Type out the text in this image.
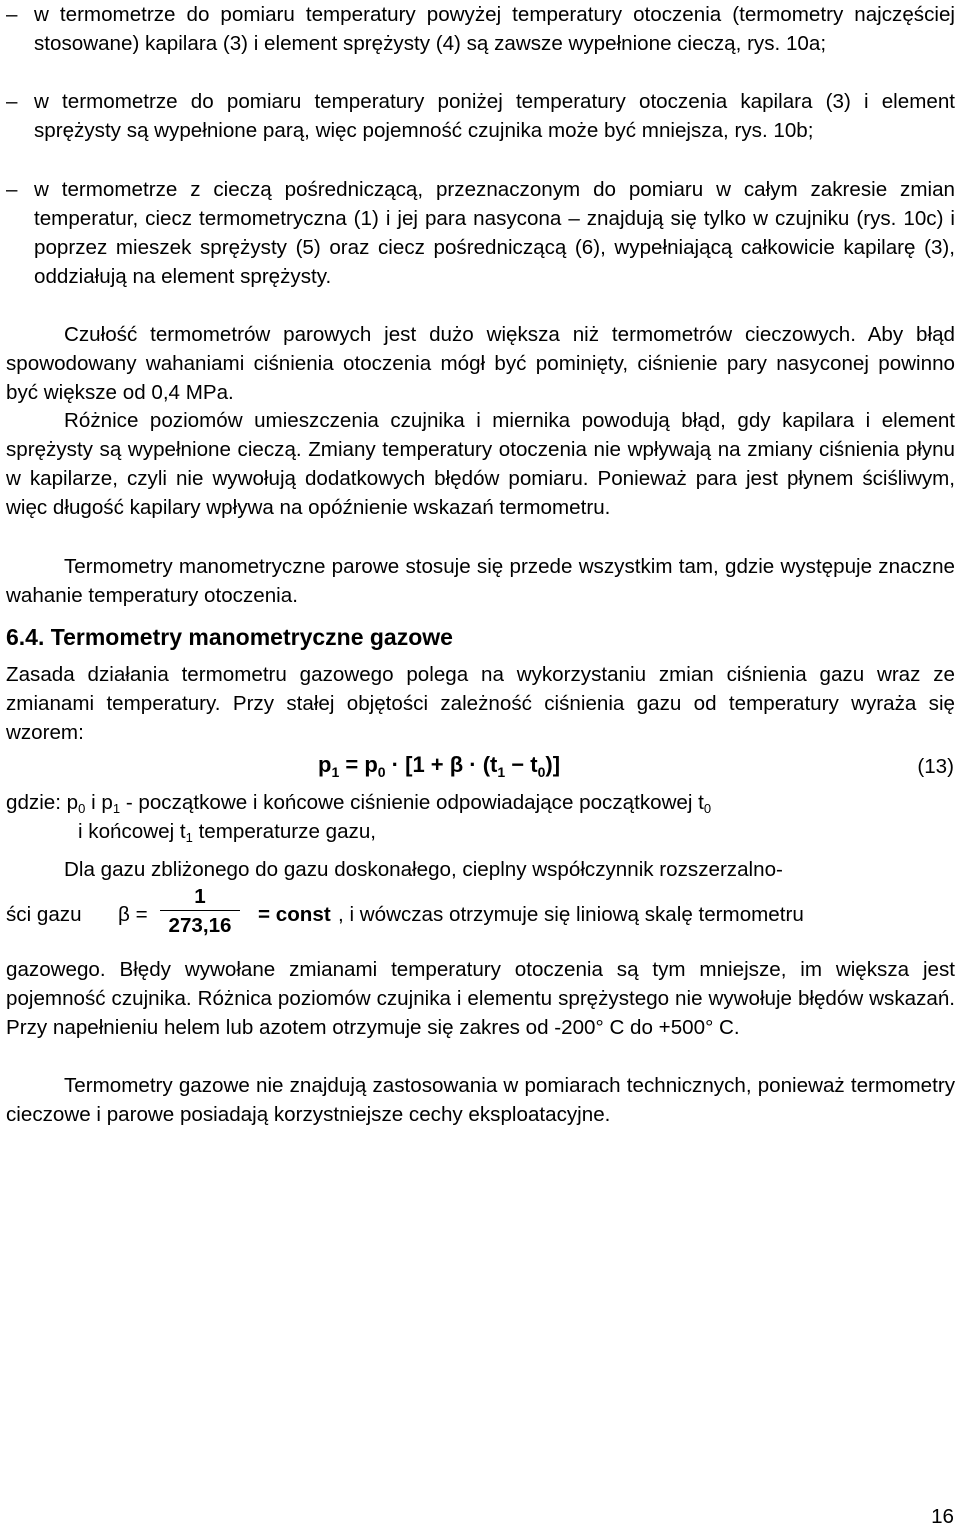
– w termometrze do pomiaru temperatury powyżej temperatury otoczenia (termometry najczęściej stosowane) kapilara (3) i element sprężysty (4) są zawsze wypełnione cieczą, rys. 10a;

– w termometrze do pomiaru temperatury poniżej temperatury otoczenia kapilara (3) i element sprężysty są wypełnione parą, więc pojemność czujnika może być mniejsza, rys. 10b;

– w termometrze z cieczą pośredniczącą, przeznaczonym do pomiaru w całym zakresie zmian temperatur, ciecz termometryczna (1) i jej para nasycona – znajdują się tylko w czujniku (rys. 10c) i poprzez mieszek sprężysty (5) oraz ciecz pośredniczącą (6), wypełniającą całkowicie kapilarę (3), oddziałują na element sprężysty.

Czułość termometrów parowych jest dużo większa niż termometrów cieczowych. Aby błąd spowodowany wahaniami ciśnienia otoczenia mógł być pominięty, ciśnienie pary nasyconej powinno być większe od 0,4 MPa.

Różnice poziomów umieszczenia czujnika i miernika powodują błąd, gdy kapilara i element sprężysty są wypełnione cieczą. Zmiany temperatury otoczenia nie wpływają na zmiany ciśnienia płynu w kapilarze, czyli nie wywołują dodatkowych błędów pomiaru. Ponieważ para jest płynem ściśliwym, więc długość kapilary wpływa na opóźnienie wskazań termometru.

Termometry manometryczne parowe stosuje się przede wszystkim tam, gdzie występuje znaczne wahanie temperatury otoczenia.

6.4. Termometry manometryczne gazowe

Zasada działania termometru gazowego polega na wykorzystaniu zmian ciśnienia gazu wraz ze zmianami temperatury. Przy stałej objętości zależność ciśnienia gazu od temperatury wyraża się wzorem:

$p_1 = p_0 \cdot [1 + \beta \cdot (t_1 - t_0)]$	(13)
gdzie: $p_0$ i $p_1$ - początkowe i końcowe ciśnienie odpowiadające początkowej $t_0$
i końcowej $t_1$ temperaturze gazu,

Dla gazu zbliżonego do gazu doskonałego, cieplny współczynnik rozszerzalno-

ści gazu β =	= const , i wówczas otrzymuje się liniową skalę termometru
$\frac{1}{273,16}$

gazowego. Błędy wywołane zmianami temperatury otoczenia są tym mniejsze, im większa jest pojemność czujnika. Różnica poziomów czujnika i elementu sprężystego nie wywołuje błędów wskazań. Przy napełnieniu helem lub azotem otrzymuje się zakres od -200° C do +500° C.

Termometry gazowe nie znajdują zastosowania w pomiarach technicznych, ponieważ termometry cieczowe i parowe posiadają korzystniejsze cechy eksploatacyjne.

16
